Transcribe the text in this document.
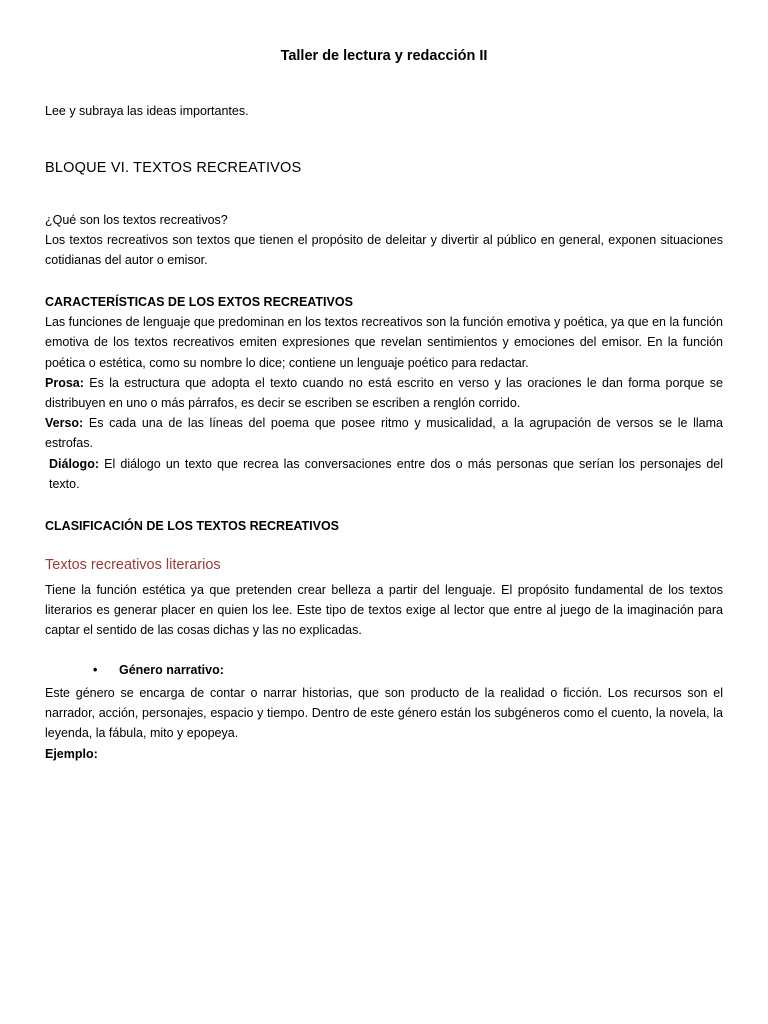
Taller de lectura y redacción II
Lee y subraya las ideas importantes.
BLOQUE VI. TEXTOS RECREATIVOS
¿Qué son los textos recreativos?
Los textos recreativos son textos que tienen el propósito de deleitar y divertir al público en general, exponen situaciones cotidianas del autor o emisor.
CARACTERÍSTICAS DE LOS EXTOS RECREATIVOS
Las funciones de lenguaje que predominan en los textos recreativos son la función emotiva y poética, ya que en la función emotiva de los textos recreativos emiten expresiones que revelan sentimientos y emociones del emisor. En la función poética o estética, como su nombre lo dice; contiene un lenguaje poético para redactar.
Prosa: Es la estructura que adopta el texto cuando no está escrito en verso y las oraciones le dan forma porque se distribuyen en uno o más párrafos, es decir se escriben se escriben a renglón corrido.
Verso: Es cada una de las líneas del poema que posee ritmo y musicalidad, a la agrupación de versos se le llama estrofas.
Diálogo: El diálogo un texto que recrea las conversaciones entre dos o más personas que serían los personajes del texto.
CLASIFICACIÓN DE LOS TEXTOS RECREATIVOS
Textos recreativos literarios
Tiene la función estética ya que pretenden crear belleza a partir del lenguaje. El propósito fundamental de los textos literarios es generar placer en quien los lee. Este tipo de textos exige al lector que entre al juego de la imaginación para captar el sentido de las cosas dichas y las no explicadas.
•	Género narrativo:
Este género se encarga de contar o narrar historias, que son producto de la realidad o ficción. Los recursos son el narrador, acción, personajes, espacio y tiempo. Dentro de este género están los subgéneros como el cuento, la novela, la leyenda, la fábula, mito y epopeya.
Ejemplo:
